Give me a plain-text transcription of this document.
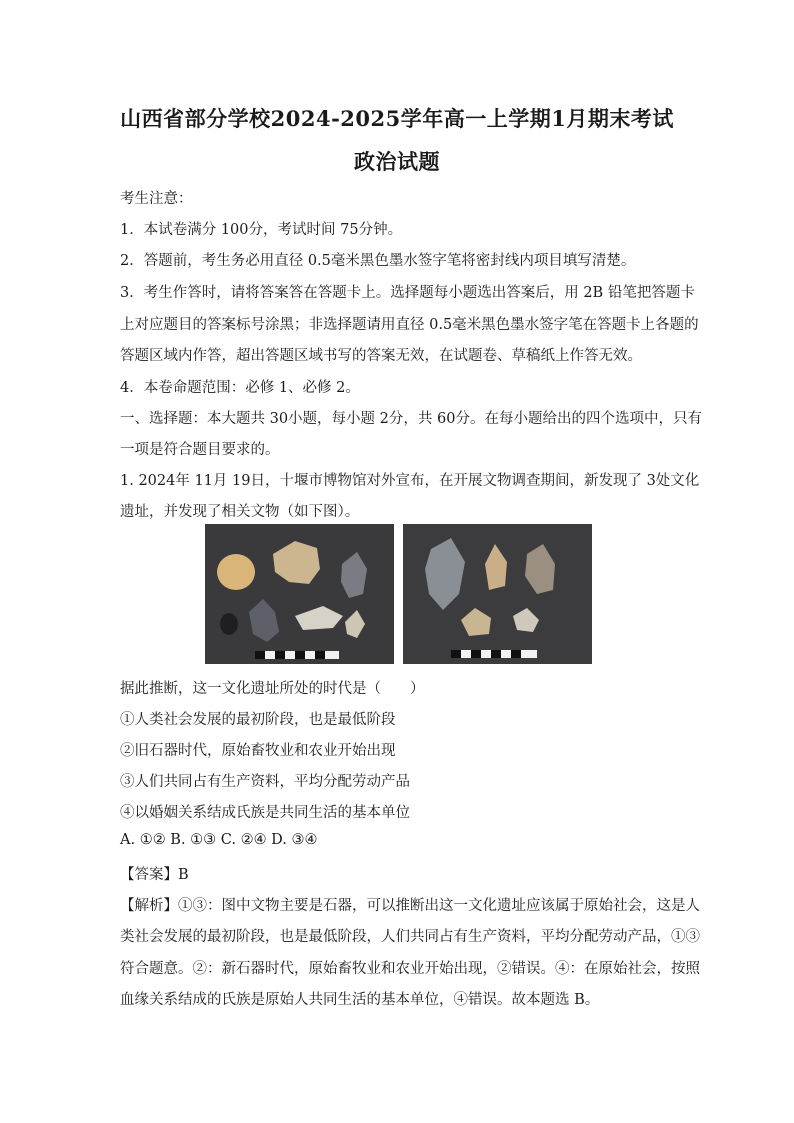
山西省部分学校2024-2025学年高一上学期1月期末考试
政治试题
考生注意：
1．本试卷满分 100分，考试时间 75分钟。
2．答题前，考生务必用直径 0.5毫米黑色墨水签字笔将密封线内项目填写清楚。
3．考生作答时，请将答案答在答题卡上。选择题每小题选出答案后，用 2B 铅笔把答题卡
上对应题目的答案标号涂黑；非选择题请用直径 0.5毫米黑色墨水签字笔在答题卡上各题的
答题区域内作答，超出答题区域书写的答案无效，在试题卷、草稿纸上作答无效。
4．本卷命题范围：必修 1、必修 2。
一、选择题：本大题共 30小题，每小题 2分，共 60分。在每小题给出的四个选项中，只有
一项是符合题目要求的。
1. 2024年 11月 19日，十堰市博物馆对外宣布，在开展文物调查期间，新发现了 3处文化
遗址，并发现了相关文物（如下图）。
据此推断，这一文化遗址所处的时代是（　　）
①人类社会发展的最初阶段，也是最低阶段
②旧石器时代，原始畜牧业和农业开始出现
③人们共同占有生产资料，平均分配劳动产品
④以婚姻关系结成氏族是共同生活的基本单位
A. ①② B. ①③ C. ②④ D. ③④
【答案】B
【解析】①③：图中文物主要是石器，可以推断出这一文化遗址应该属于原始社会，这是人
类社会发展的最初阶段，也是最低阶段，人们共同占有生产资料，平均分配劳动产品，①③
符合题意。②：新石器时代，原始畜牧业和农业开始出现，②错误。④：在原始社会，按照
血缘关系结成的氏族是原始人共同生活的基本单位，④错误。故本题选 B。
